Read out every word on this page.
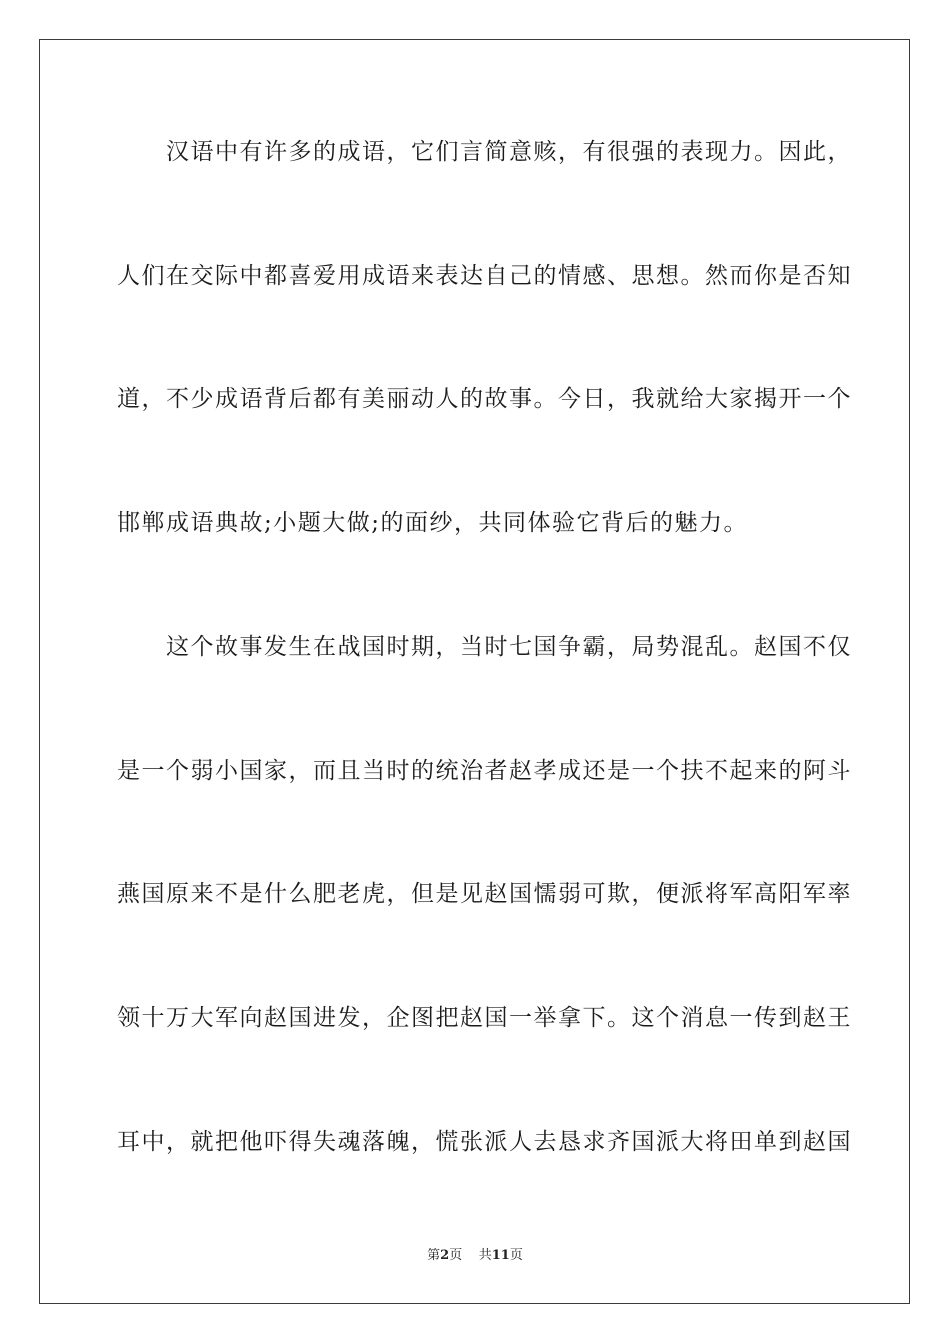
　　汉语中有许多的成语，它们言简意赅，有很强的表现力。因此，
人们在交际中都喜爱用成语来表达自己的情感、思想。然而你是否知
道，不少成语背后都有美丽动人的故事。今日，我就给大家揭开一个
邯郸成语典故;小题大做;的面纱，共同体验它背后的魅力。
　　这个故事发生在战国时期，当时七国争霸，局势混乱。赵国不仅
是一个弱小国家，而且当时的统治者赵孝成还是一个扶不起来的阿斗
燕国原来不是什么肥老虎，但是见赵国懦弱可欺，便派将军高阳军率
领十万大军向赵国进发，企图把赵国一举拿下。这个消息一传到赵王
耳中，就把他吓得失魂落魄，慌张派人去恳求齐国派大将田单到赵国
第2页 共11页
